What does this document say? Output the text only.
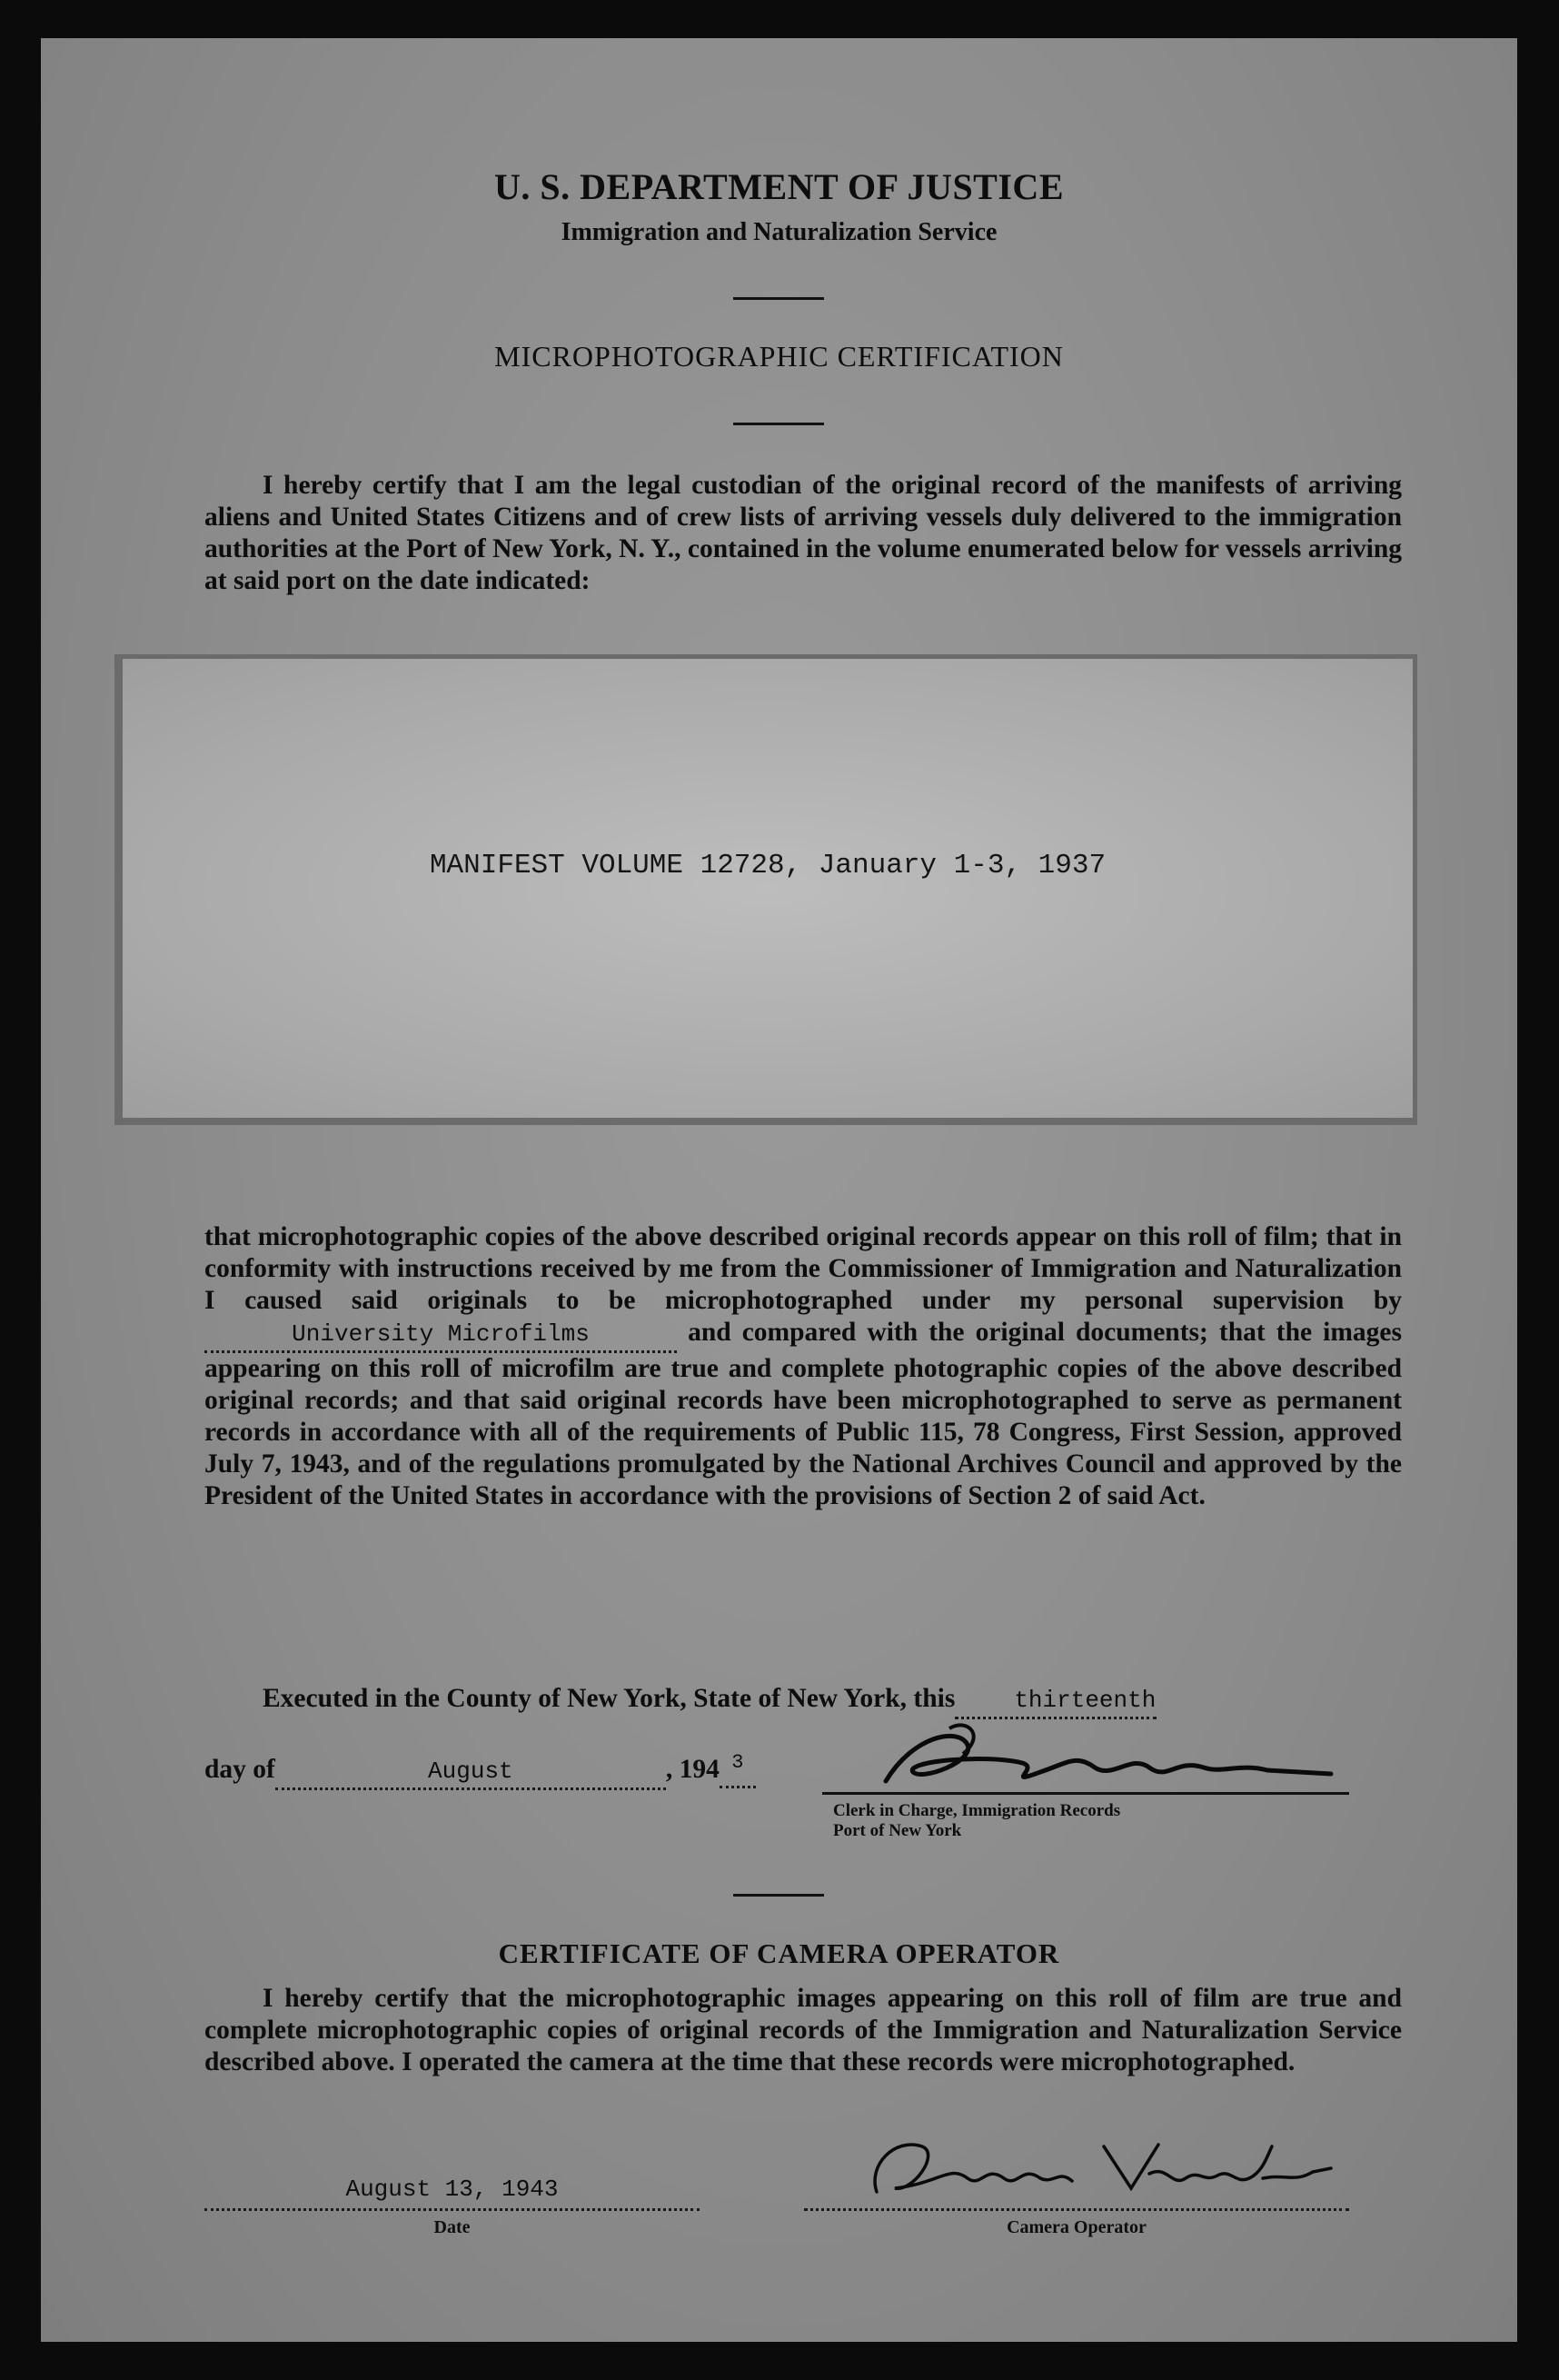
U. S. DEPARTMENT OF JUSTICE
Immigration and Naturalization Service
MICROPHOTOGRAPHIC CERTIFICATION
I hereby certify that I am the legal custodian of the original record of the manifests of arriving aliens and United States Citizens and of crew lists of arriving vessels duly delivered to the immigration authorities at the Port of New York, N. Y., contained in the volume enumerated below for vessels arriving at said port on the date indicated:
MANIFEST VOLUME 12728, January 1-3, 1937
that microphotographic copies of the above described original records appear on this roll of film; that in conformity with instructions received by me from the Commissioner of Immigration and Naturalization I caused said originals to be microphotographed under my personal supervision by University Microfilms	and compared with the original documents; that the images appearing on this roll of microfilm are true and complete photographic copies of the above described original records; and that said original records have been microphotographed to serve as permanent records in accordance with all of the requirements of Public 115, 78 Congress, First Session, approved July 7, 1943, and of the regulations promulgated by the National Archives Council and approved by the President of the United States in accordance with the provisions of Section 2 of said Act.
Executed in the County of New York, State of New York, this thirteenth
day of	August	, 194 $^3$
Clerk in Charge, Immigration Records
Port of New York
CERTIFICATE OF CAMERA OPERATOR
I hereby certify that the microphotographic images appearing on this roll of film are true and complete microphotographic copies of original records of the Immigration and Naturalization Service described above. I operated the camera at the time that these records were microphotographed.
August 13, 1943
Date	Camera Operator
